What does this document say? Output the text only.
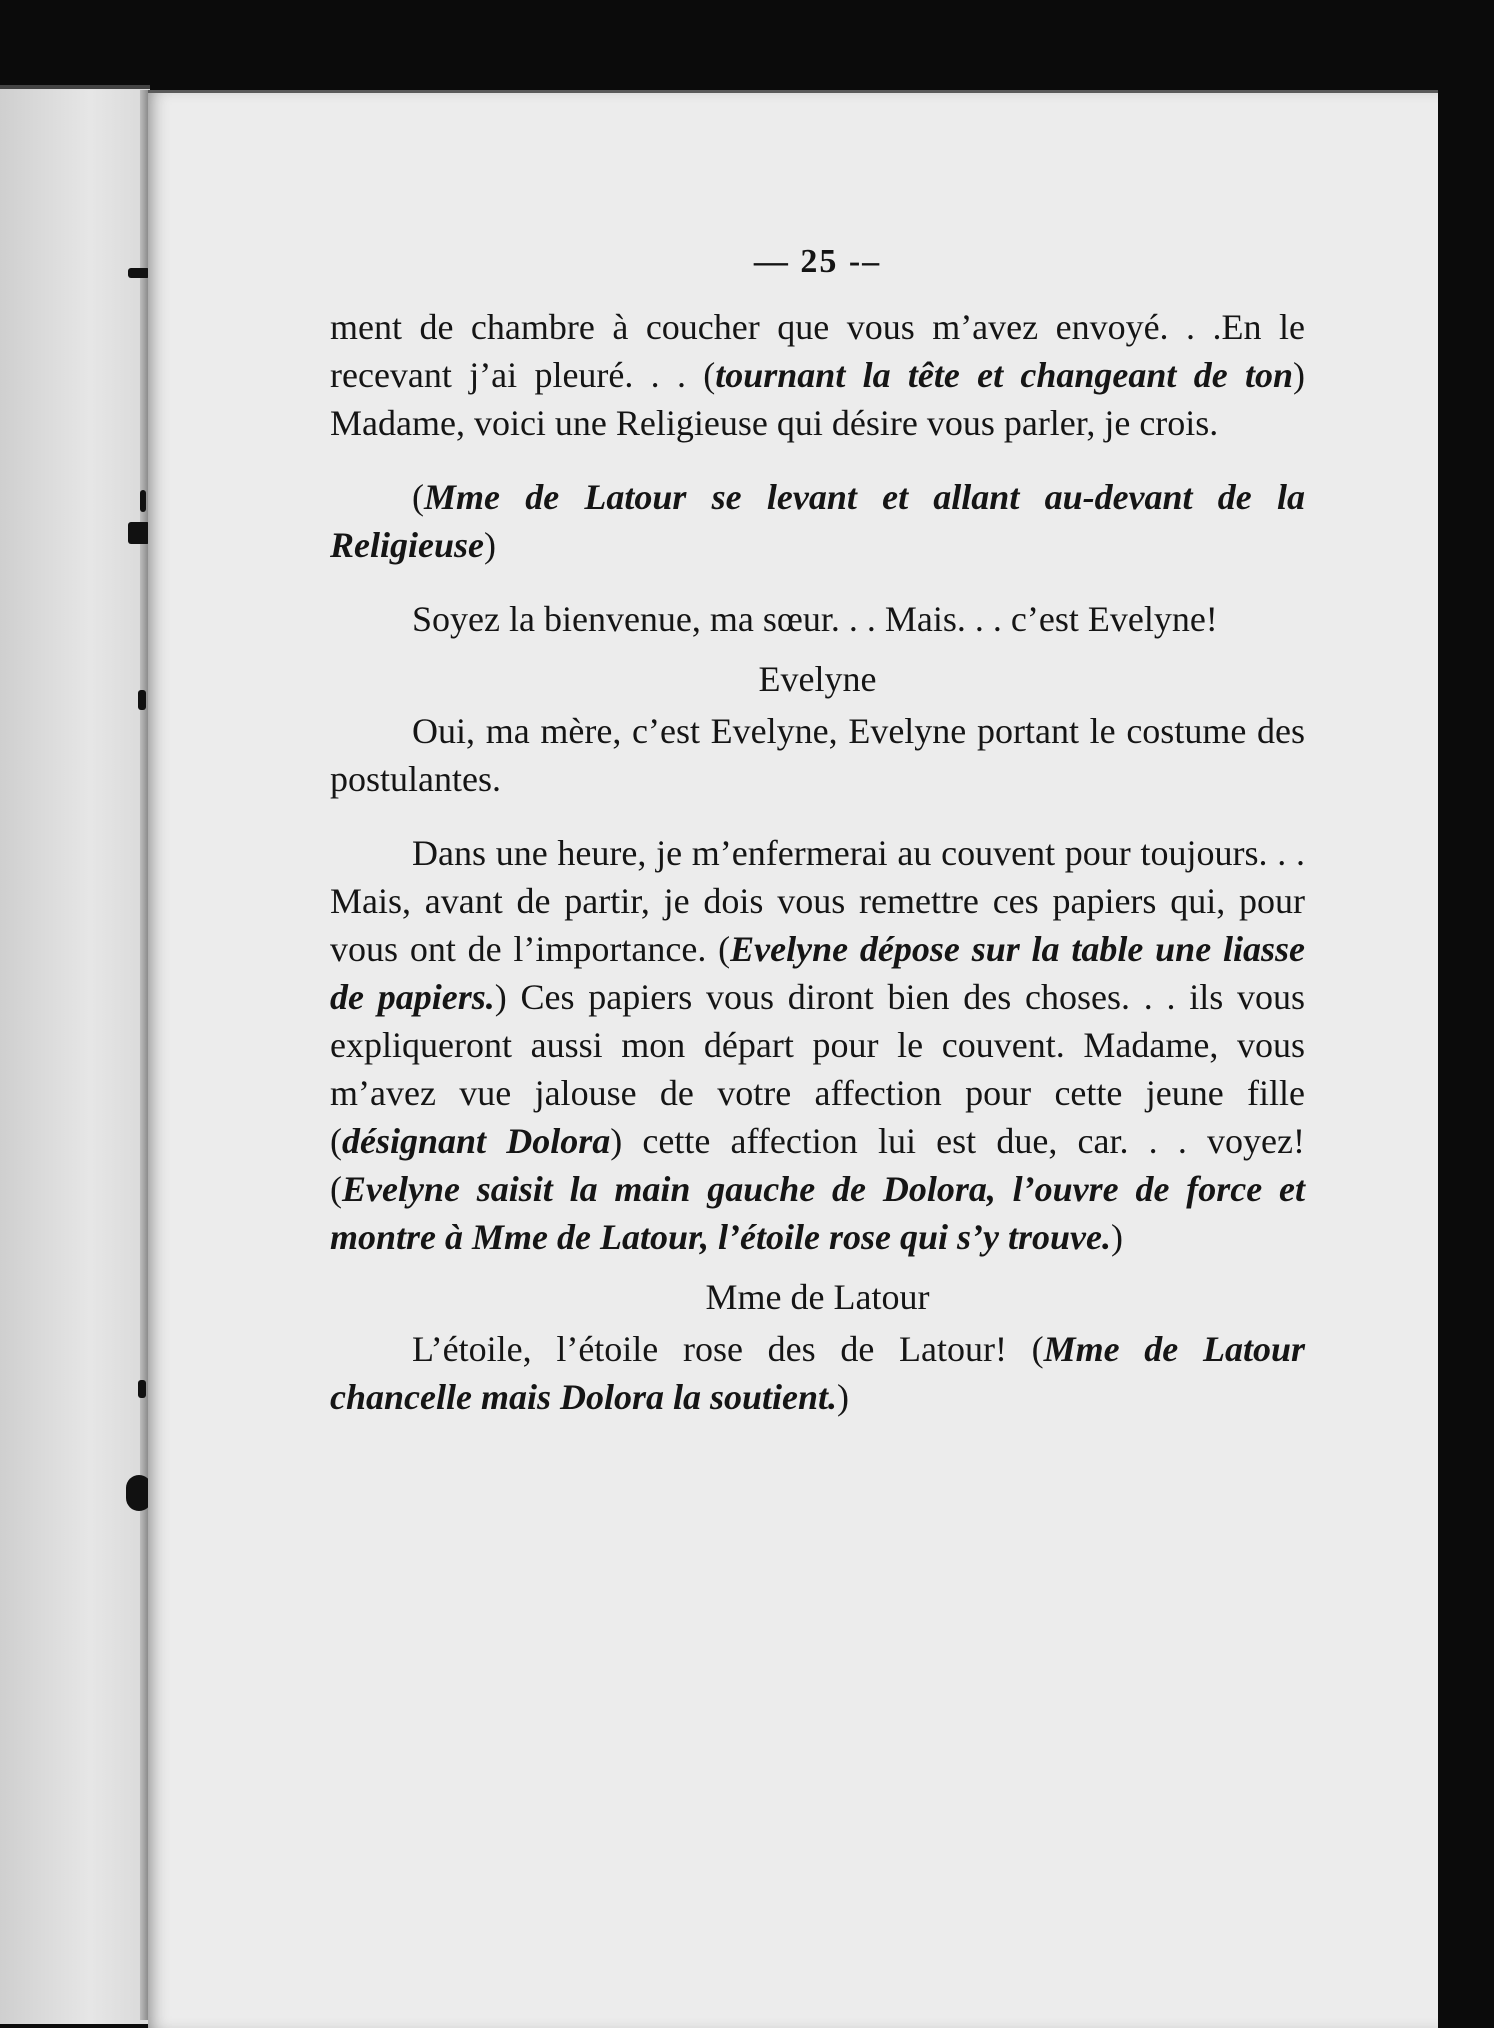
— 25 -–

ment de chambre à coucher que vous m’avez envoyé. . .En le recevant j’ai pleuré. . . (tournant la tête et changeant de ton) Madame, voici une Religieuse qui désire vous parler, je crois.

(Mme de Latour se levant et allant au-devant de la Religieuse)

Soyez la bienvenue, ma sœur. . . Mais. . . c’est Evelyne!

Evelyne

Oui, ma mère, c’est Evelyne, Evelyne portant le costume des postulantes.

Dans une heure, je m’enfermerai au couvent pour toujours. . . Mais, avant de partir, je dois vous remettre ces papiers qui, pour vous ont de l’importance. (Evelyne dépose sur la table une liasse de papiers.) Ces papiers vous diront bien des choses. . . ils vous expliqueront aussi mon départ pour le couvent. Madame, vous m’avez vue jalouse de votre affection pour cette jeune fille (désignant Dolora) cette affection lui est due, car. . . voyez! (Evelyne saisit la main gauche de Dolora, l’ouvre de force et montre à Mme de Latour, l’étoile rose qui s’y trouve.)

Mme de Latour

L’étoile, l’étoile rose des de Latour! (Mme de Latour chancelle mais Dolora la soutient.)
